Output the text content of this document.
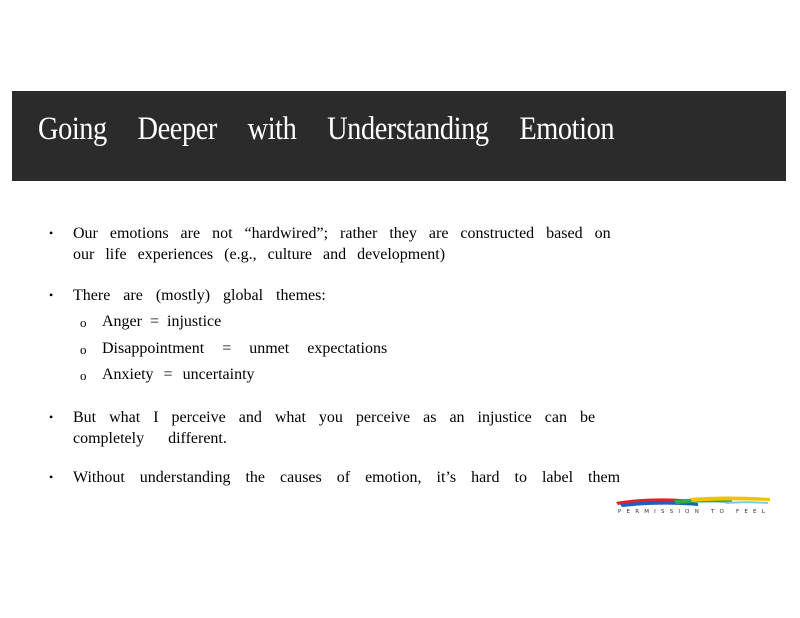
Going Deeper with Understanding Emotion
• Our emotions are not “hardwired”; rather they are constructed based on
our life experiences (e.g., culture and development)
• There are (mostly) global themes:
o Anger = injustice
o Disappointment = unmet expectations
o Anxiety = uncertainty
• But what I perceive and what you perceive as an injustice can be
completely different.
• Without understanding the causes of emotion, it’s hard to label them
PERMISSION TO FEEL
